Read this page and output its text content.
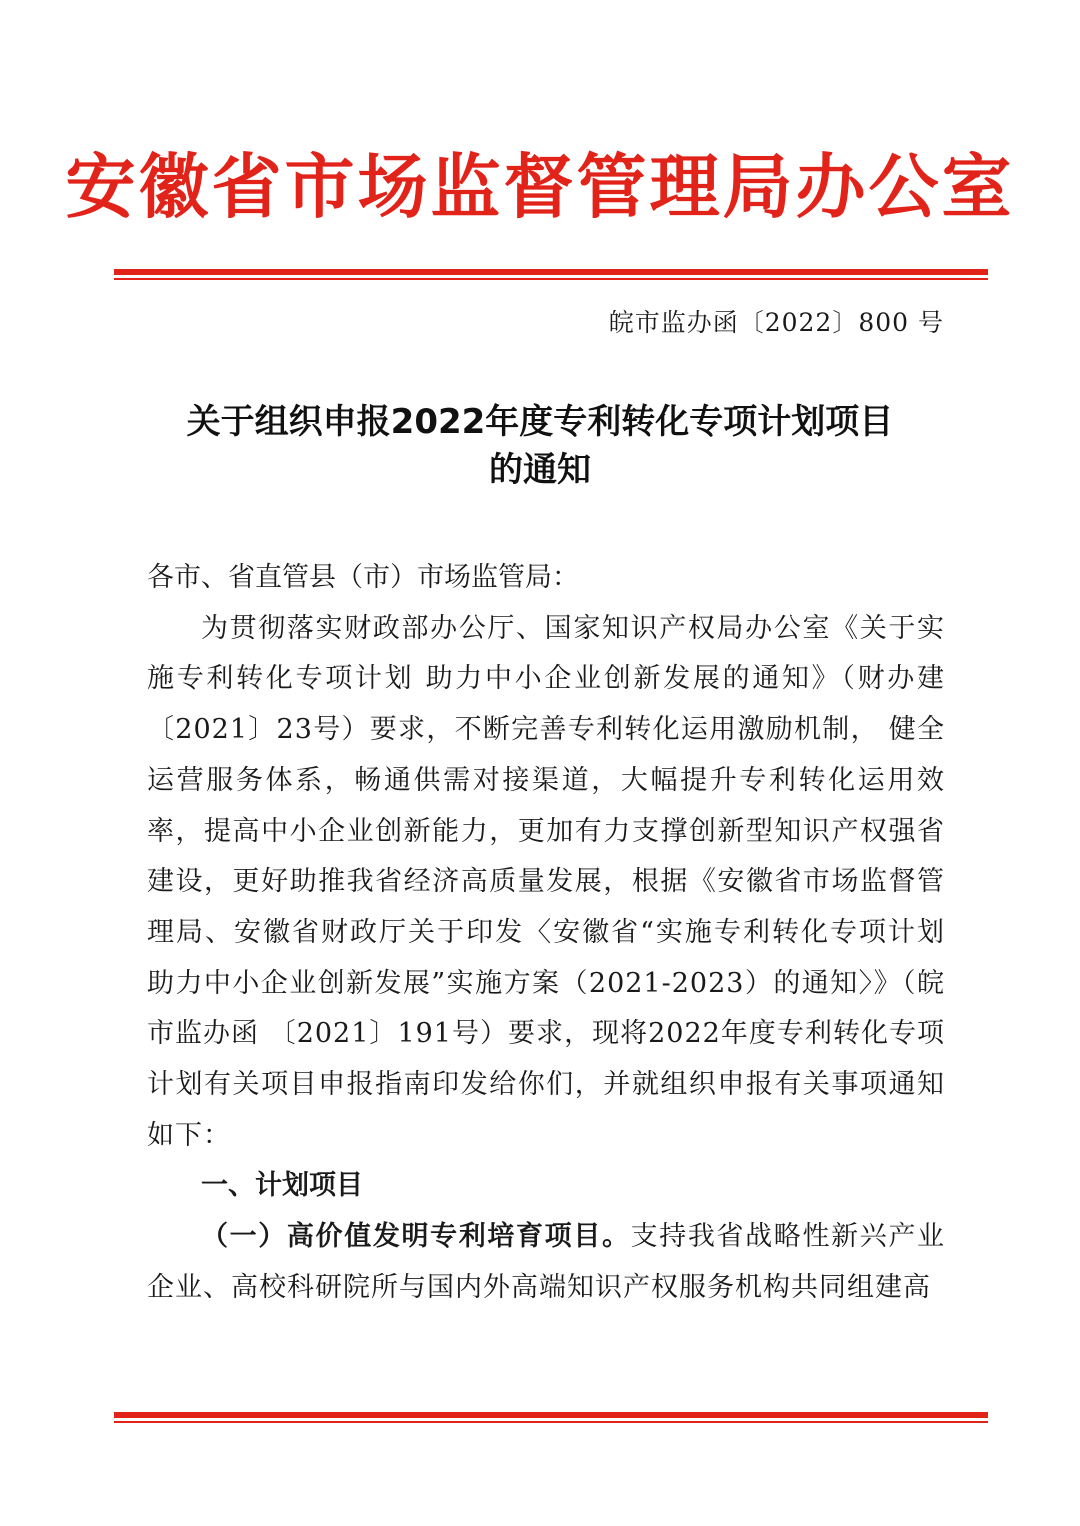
安徽省市场监督管理局办公室
皖市监办函〔2022〕800 号
关于组织申报2022年度专利转化专项计划项目
的通知

各市、省直管县（市）市场监管局：

为贯彻落实财政部办公厅、国家知识产权局办公室《关于实施专利转化专项计划 助力中小企业创新发展的通知》（财办建〔2021〕23号）要求，不断完善专利转化运用激励机制， 健全运营服务体系，畅通供需对接渠道，大幅提升专利转化运用效率，提高中小企业创新能力，更加有力支撑创新型知识产权强省建设，更好助推我省经济高质量发展，根据《安徽省市场监督管理局、安徽省财政厅关于印发〈安徽省“实施专利转化专项计划 助力中小企业创新发展”实施方案（2021-2023）的通知〉》（皖市监办函 〔2021〕191号）要求，现将2022年度专利转化专项计划有关项目申报指南印发给你们，并就组织申报有关事项通知如下：

一、计划项目

（一）高价值发明专利培育项目。支持我省战略性新兴产业企业、高校科研院所与国内外高端知识产权服务机构共同组建高
